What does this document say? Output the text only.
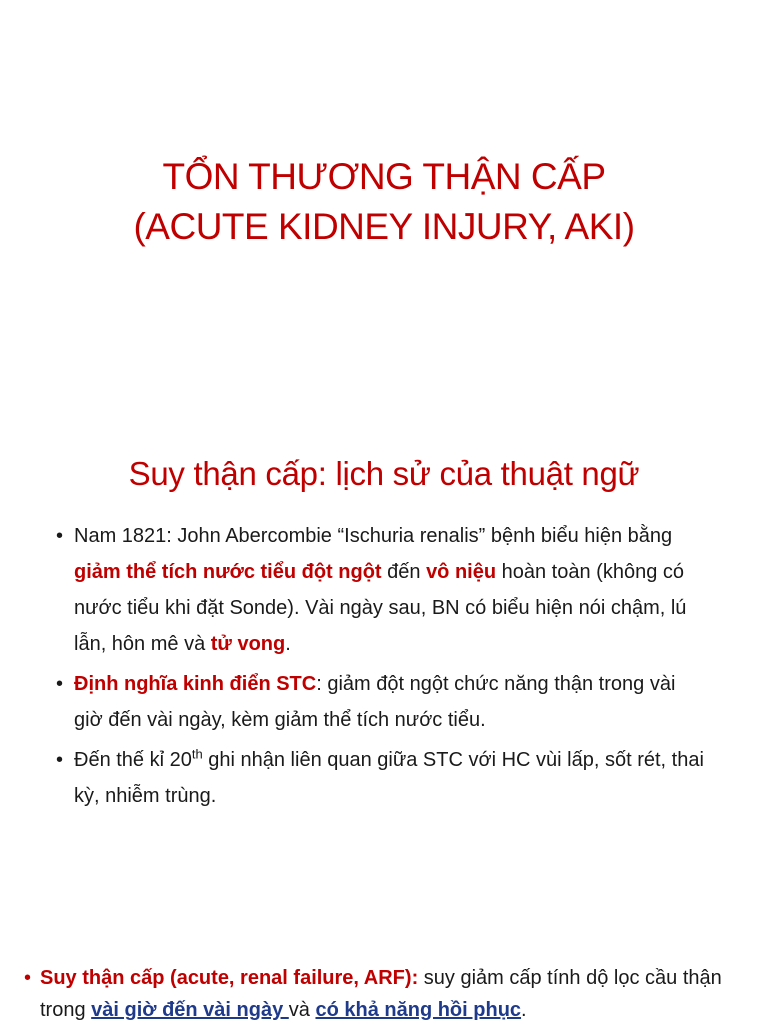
TỔN THƯƠNG THẬN CẤP
(ACUTE KIDNEY INJURY, AKI)
Suy thận cấp: lịch sử của thuật ngữ
• Nam 1821: John Abercombie “Ischuria renalis” bệnh biểu hiện bằng giảm thể tích nước tiểu đột ngột đến vô niệu hoàn toàn (không có nước tiểu khi đặt Sonde). Vài ngày sau, BN có biểu hiện nói chậm, lú lẫn, hôn mê và tử vong.
• Định nghĩa kinh điển STC: giảm đột ngột chức năng thận trong vài giờ đến vài ngày, kèm giảm thể tích nước tiểu.
• Đến thế kỉ 20th ghi nhận liên quan giữa STC với HC vùi lấp, sốt rét, thai kỳ, nhiễm trùng.
• Suy thận cấp (acute, renal failure, ARF): suy giảm cấp tính dộ lọc cầu thận trong vài giờ đến vài ngày và có khả năng hồi phục.
